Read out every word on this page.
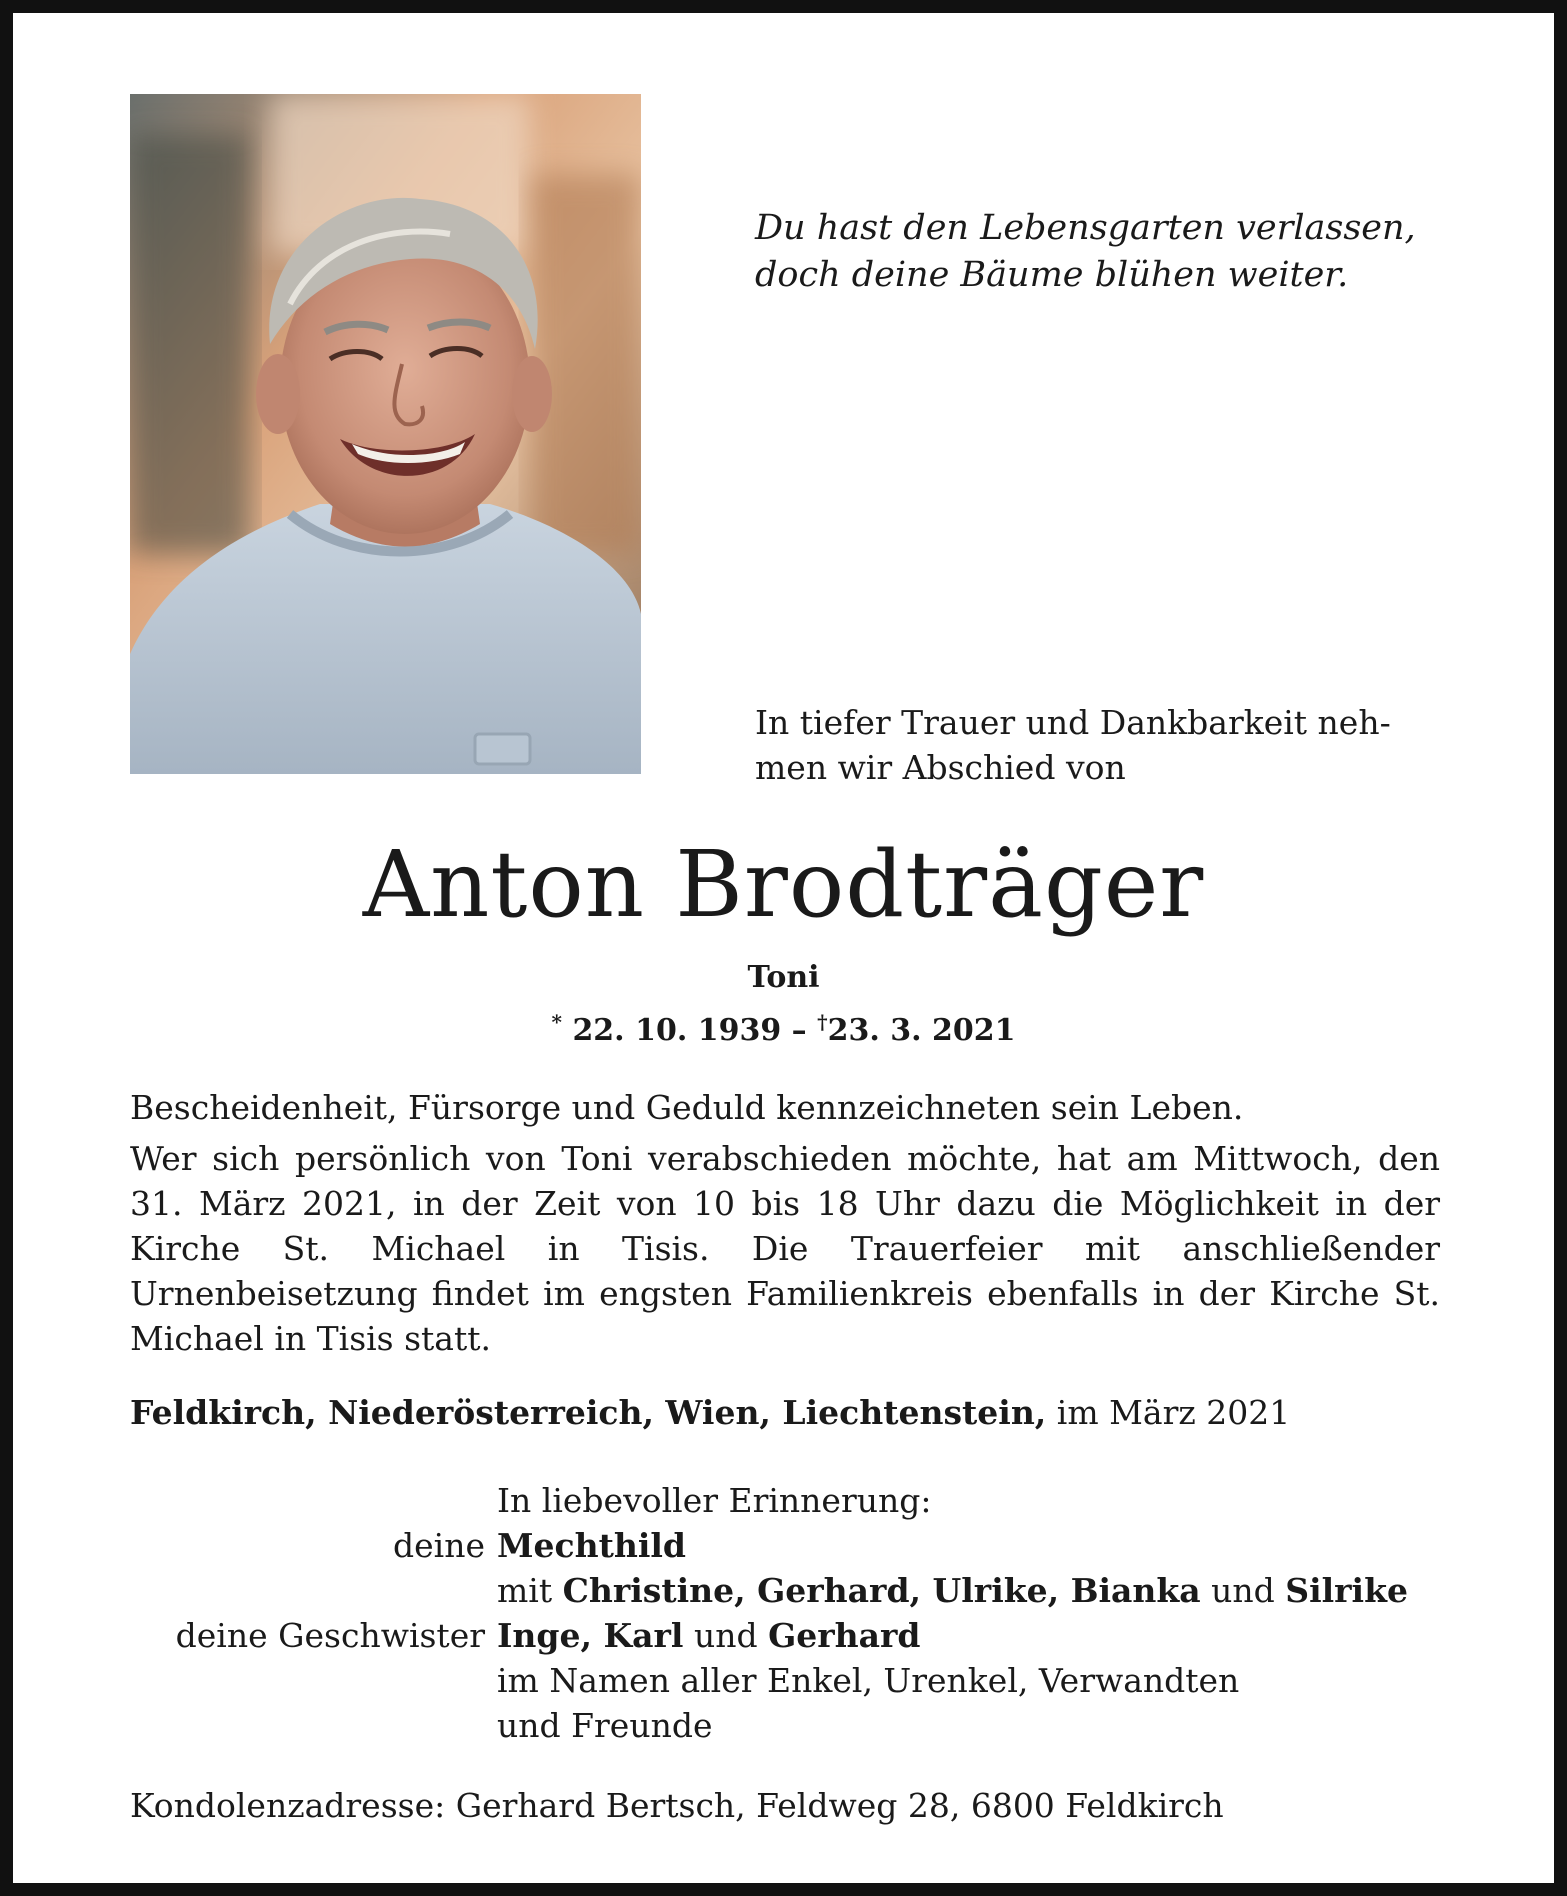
Du hast den Lebensgarten verlassen,
doch deine Bäume blühen weiter.
In tiefer Trauer und Dankbarkeit neh-
men wir Abschied von
Anton Brodträger
Toni
* 22. 10. 1939 – †23. 3. 2021

Bescheidenheit, Fürsorge und Geduld kennzeichneten sein Leben.

Wer sich persönlich von Toni verabschieden möchte, hat am Mittwoch, den 31. März 2021, in der Zeit von 10 bis 18 Uhr dazu die Möglichkeit in der Kirche St. Michael in Tisis. Die Trauerfeier mit anschließender Urnenbeisetzung findet im engsten Familienkreis ebenfalls in der Kirche St. Michael in Tisis statt.

Feldkirch, Niederösterreich, Wien, Liechtenstein, im März 2021
In liebevoller Erinnerung:
deine Mechthild
mit Christine, Gerhard, Ulrike, Bianka und Silrike
deine Geschwister Inge, Karl und Gerhard
im Namen aller Enkel, Urenkel, Verwandten
und Freunde
Kondolenzadresse: Gerhard Bertsch, Feldweg 28, 6800 Feldkirch
